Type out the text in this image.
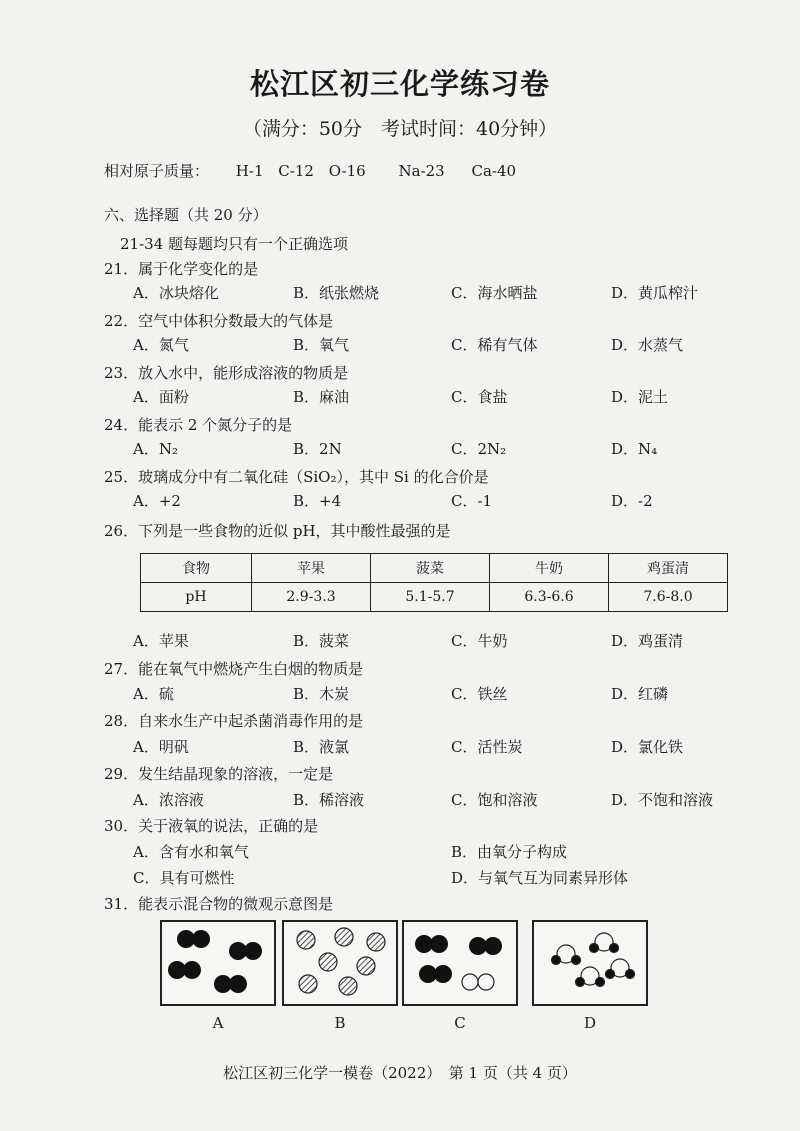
松江区初三化学练习卷
（满分：50分　考试时间：40分钟）
相对原子质量： H-1 C-12 O-16 Na-23 Ca-40
六、选择题（共 20 分）
21-34 题每题均只有一个正确选项
21．属于化学变化的是
A．冰块熔化	B．纸张燃烧	C．海水晒盐	D．黄瓜榨汁
22．空气中体积分数最大的气体是
A．氮气	B．氧气	C．稀有气体	D．水蒸气
23．放入水中，能形成溶液的物质是
A．面粉	B．麻油	C．食盐	D．泥土
24．能表示 2 个氮分子的是
A．N₂	B．2N	C．2N₂	D．N₄
25．玻璃成分中有二氧化硅（SiO₂），其中 Si 的化合价是
A．+2	B．+4	C．-1	D．-2
26．下列是一些食物的近似 pH，其中酸性最强的是
食物	苹果	菠菜	牛奶	鸡蛋清
pH	2.9-3.3	5.1-5.7	6.3-6.6	7.6-8.0
A．苹果	B．菠菜	C．牛奶	D．鸡蛋清
27．能在氧气中燃烧产生白烟的物质是
A．硫	B．木炭	C．铁丝	D．红磷
28．自来水生产中起杀菌消毒作用的是
A．明矾	B．液氯	C．活性炭	D．氯化铁
29．发生结晶现象的溶液，一定是
A．浓溶液	B．稀溶液	C．饱和溶液	D．不饱和溶液
30．关于液氧的说法，正确的是
A．含有水和氧气	B．由氧分子构成
C．具有可燃性	D．与氧气互为同素异形体
31．能表示混合物的微观示意图是
A	B	C	D
松江区初三化学一模卷（2022）　第 1 页（共 4 页）
